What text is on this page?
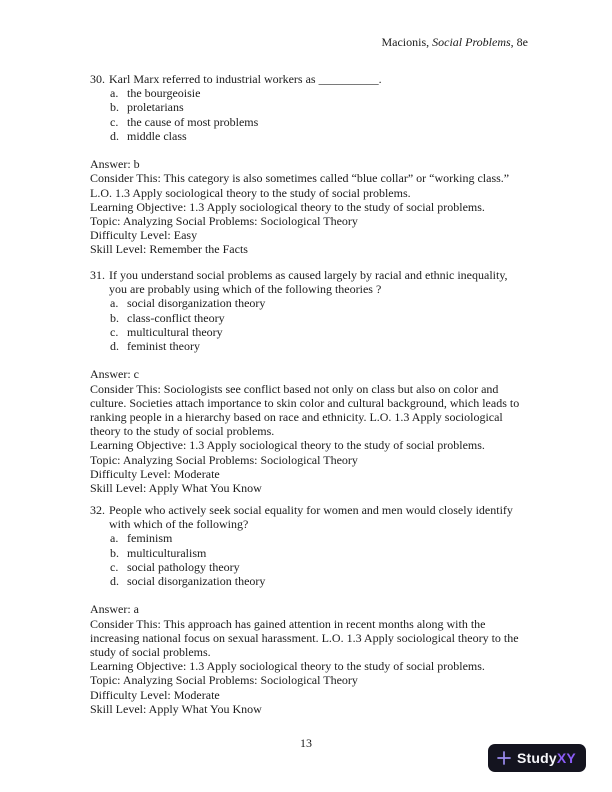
Macionis, Social Problems, 8e

30. Karl Marx referred to industrial workers as __________.

a. the bourgeoisie
b. proletarians
c. the cause of most problems
d. middle class

Answer: b

Consider This: This category is also sometimes called “blue collar” or “working class.”

L.O. 1.3 Apply sociological theory to the study of social problems.

Learning Objective: 1.3 Apply sociological theory to the study of social problems.

Topic: Analyzing Social Problems: Sociological Theory

Difficulty Level: Easy

Skill Level: Remember the Facts

31. If you understand social problems as caused largely by racial and ethnic inequality, you are probably using which of the following theories ?

a. social disorganization theory
b. class-conflict theory
c. multicultural theory
d. feminist theory

Answer: c

Consider This: Sociologists see conflict based not only on class but also on color and culture. Societies attach importance to skin color and cultural background, which leads to ranking people in a hierarchy based on race and ethnicity. L.O. 1.3 Apply sociological theory to the study of social problems.

Learning Objective: 1.3 Apply sociological theory to the study of social problems.

Topic: Analyzing Social Problems: Sociological Theory

Difficulty Level: Moderate

Skill Level: Apply What You Know

32. People who actively seek social equality for women and men would closely identify with which of the following?

a. feminism
b. multiculturalism
c. social pathology theory
d. social disorganization theory

Answer: a

Consider This: This approach has gained attention in recent months along with the increasing national focus on sexual harassment. L.O. 1.3 Apply sociological theory to the study of social problems.

Learning Objective: 1.3 Apply sociological theory to the study of social problems.

Topic: Analyzing Social Problems: Sociological Theory

Difficulty Level: Moderate

Skill Level: Apply What You Know

13
StudyXY
